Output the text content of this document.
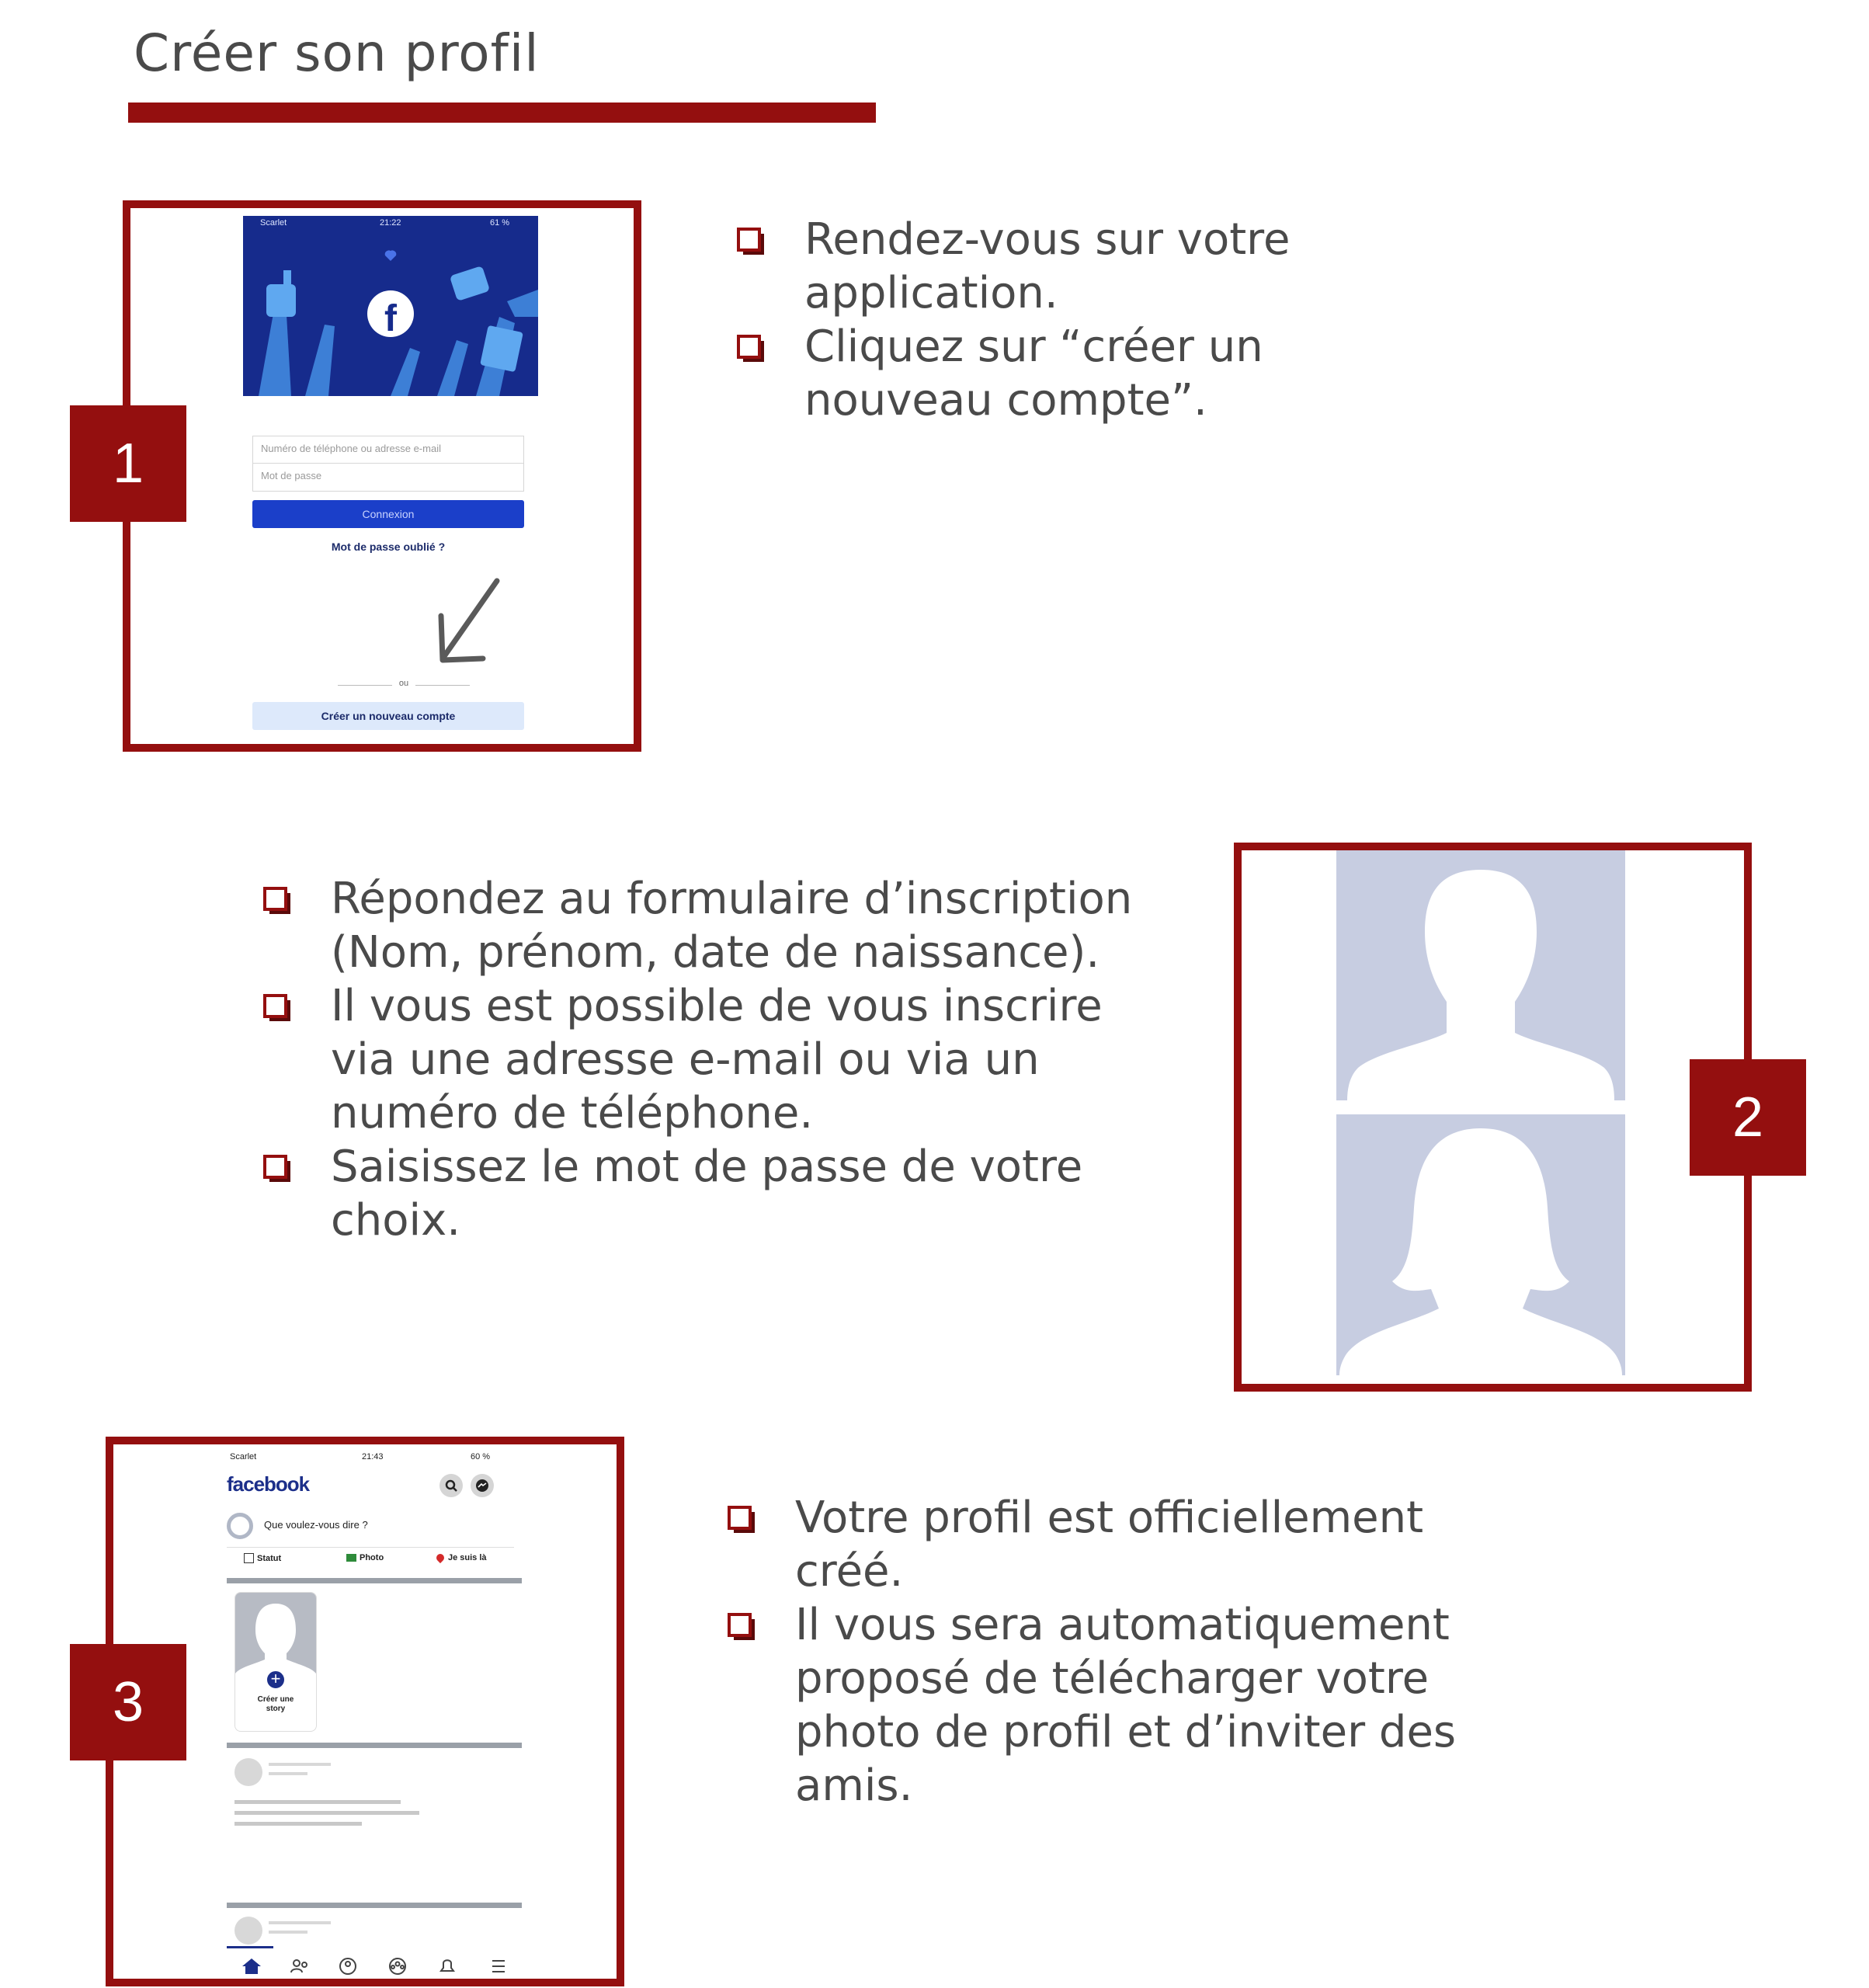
Créer son profil
Scarlet	21:22	61 %
f
Numéro de téléphone ou adresse e-mail
Mot de passe
Connexion
Mot de passe oublié ?
ou
Créer un nouveau compte
1
Rendez-vous sur votre application.
Cliquez sur “créer un nouveau compte”.
Répondez au formulaire d’inscription (Nom, prénom, date de naissance).
Il vous est possible de vous inscrire via une adresse e-mail ou via un numéro de téléphone.
Saisissez le mot de passe de votre choix.
2
Scarlet	21:43	60 %
facebook
Que voulez-vous dire ?
Statut	Photo	Je suis là
+
Créer une story
3
Votre profil est officiellement créé.
Il vous sera automatiquement proposé de télécharger votre photo de profil et d’inviter des amis.
